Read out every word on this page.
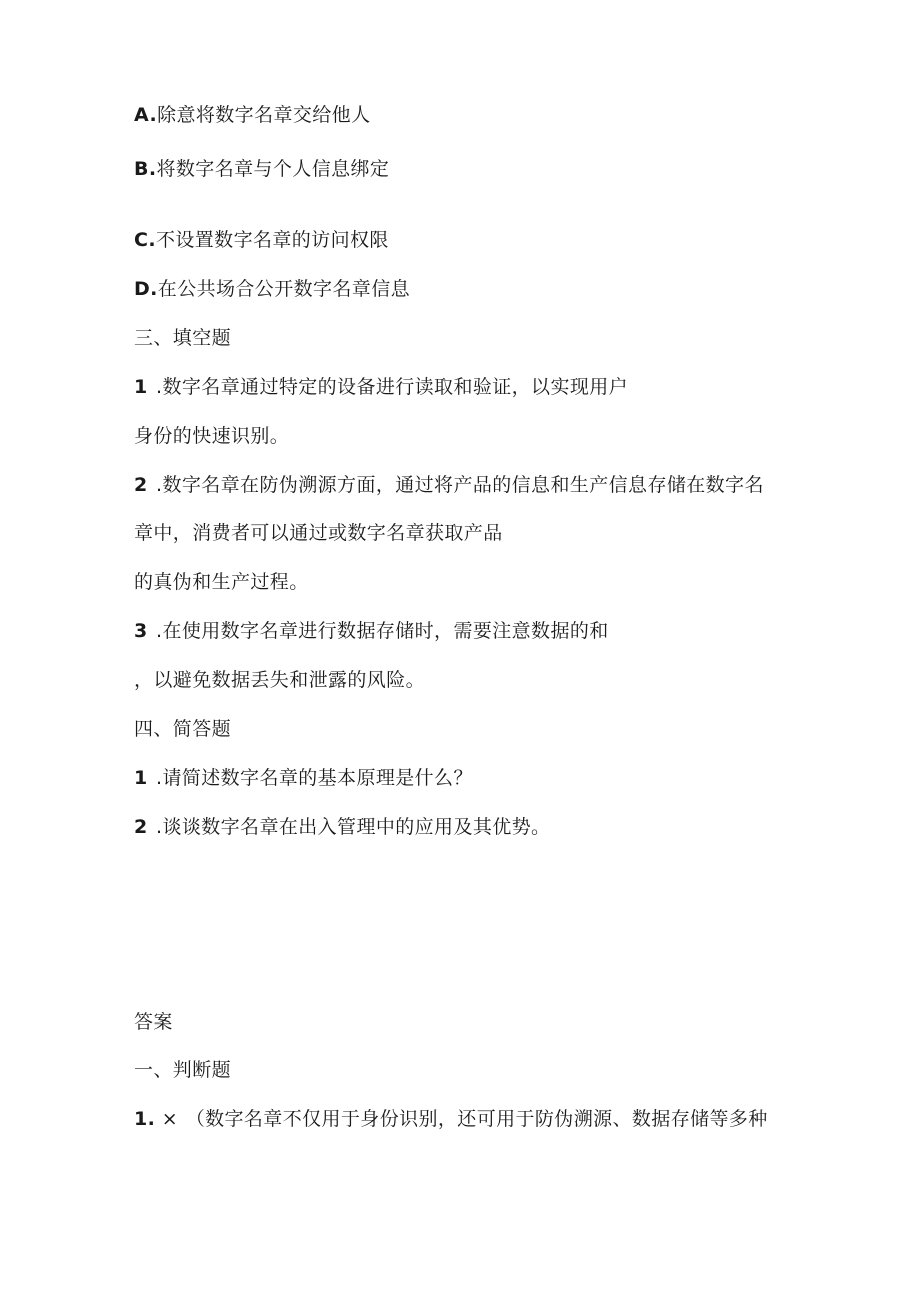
A.除意将数字名章交给他人
B.将数字名章与个人信息绑定
C.不设置数字名章的访问权限
D.在公共场合公开数字名章信息
三、填空题
1 .数字名章通过特定的设备进行读取和验证，以实现用户
身份的快速识别。
2 .数字名章在防伪溯源方面，通过将产品的信息和生产信息存储在数字名
章中，消费者可以通过或数字名章获取产品
的真伪和生产过程。
3 .在使用数字名章进行数据存储时，需要注意数据的和
，以避免数据丢失和泄露的风险。
四、简答题
1 .请简述数字名章的基本原理是什么？
2 .谈谈数字名章在出入管理中的应用及其优势。
答案
一、判断题
1. × （数字名章不仅用于身份识别，还可用于防伪溯源、数据存储等多种
